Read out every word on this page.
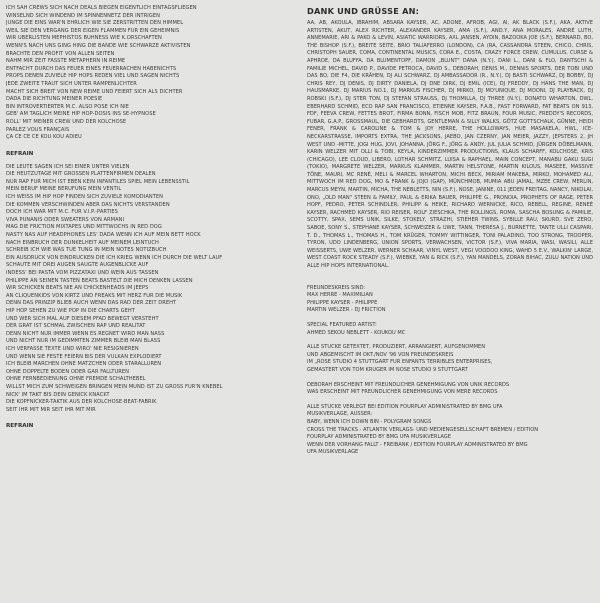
ICH SAH CREWS SICH NACH DEALS BIEGEN EIGENTLICH EINTAGSFLIEGEN
WINSELND SICH WINDEND IM SPINNENNETZ DER INTRIGEN
JUNGE DIE EINS WAR'N EHRLICH WIE SIE ZERSTRITTEN DEN HIMMEL
WEIL SIE DEN VERGANG DER EIGEN FLAMMEN FÜR EIN GEHEIMNIS
WIR ÜBERLISTEN MEPHISTOS BUHNESS WIE K.ORSCHAFTEN
WENN'S NACH UNS GING HING DIE BANDE WIE SCHWARZE AKTIVISTEN
BRACHTE DEN PROFIT VON ALLEN SEITEN
NAHM MIR ZEIT FASSTE METAPHERN IN REIME
ENTFACHT DURCH DAS FEUER EINES FEUERRACHEN HABENICHTS
PROPS DENEN ZUVIELE HIP HOPS REDEN VIEL UND SAGEN NICHTS
JEDE ZWEITE TRAUT SICH UNTER RAMPENLICHTER
MACHT SICH BREIT VON NEW REIME UND FEIERT SICH ALS DICHTER
DADA DIE RICHTUNG MEINER POESIE
BIN INTROVERTIERTER M.C. ALSO POSE ICH NIE
GEB' AM TÄGLICH MEINE HIP HOP-DOSIS INS SE-HYPNOSE
ROLL' MIT MEINER CREW UND DER KOLCHOSE
PARLEZ VOUS FRANÇAIS
ÇA CE CE CE KOU KOU ADIEU
REFRAIN
DIE LEUTE SAGEN ICH SEI EINER UNTER VIELEN
DIE HEUTZUTAGE MIT GROSSEN PLATTENFIRMEN DEALEN
NUR RAP FÜR MICH IST EBEN KEIN INFANTILES SPIEL MEIN LEBENSSTIL
MEIN BERUF MEINE BERUFUNG MEIN VENTIL
ICH WEISS IM HIP HOP FINDEN SICH ZUVIELE KOMODIANTEN
DIE KOMMEN VERSCHWINDEN ABER DAS NICHTS VERSTANDEN
DOCH ICH WAR MIT M.C. FÜR V.I.P.-PARTIES
VIVA PUNANIS ODER SWEATERS VON ARMANI
MAG DIE FRICTION MIXTAPES UND MITTWOCHS IN RED DOG
NASTY NAS AUF HEADPHONES LES' DADA WENN ICH AUF MEIN BETT HOCK
NACH EINBRUCH DER DUNKELHEIT AUF MEINEM LEINTUCH
SCHREIB ICH WIE WAS TUE TUNG IN MEIN NOTES NOTIZBUCH
EIN AUSDRUCK VON EINDRÜCKEN DIE ICH KRIEG WENN ICH DURCH DIE WELT LAUF
SCHAUTE MIT DREI AUGEN SAUGTE AUGENBLICKE AUF
INDESS' BEI PASTA VOM PIZZATAXI UND WEIN AUS TASSEN
PHILIPPE AN SEINEN TASTEN BEATS BASTELT DIE MICH DENKEN LASSEN
WIR SCHICKEN BEATS NIE AN CHICKENHEADS IM JEEPS
AN CLIQUENKIDS VON KIRTZ UND FREAKS MIT HERZ FÜR DIE MUSIK
DENN DAS PRINZIP BLIEB AUCH WENN DAS RAD DER ZEIT DREHT
HIP HOP SEHEN ZU WIE POP IN DIE CHARTS GEHT
UND WER SICH MAL AUF DIESEM PFAD BEWEGT VERSTEHT
DER GRAT IST SCHMAL ZWISCHEN RAP UND REALITÄT
DENN NICHT NUR IMMER WENN ES REGNET WIRD MAN NASS
UND NICHT NUR IM GEDIMMTEN ZIMMER BLEIB MAN BLASS
ICH VERFASSE TEXTE UND WIRO' NIE RESIGNIEREN
UND WENN SIE FESTE FEIERN BIS DER VULKAN EXPLODIERT
ICH BLEIB MÄRCHEN OHNE MÄTZCHEN ODER STARALLÜREN
OHNE DOPPELTE BÖDEN ODER GAR FALLTÜREN
OHNE FERNBEDIENUNG OHNE FREMDE SCHALTHEBEL
WILLST MICH ZUM SCHWEIGEN BRINGEN MEIN MUND IST ZU GROSS FÜR'N KNEBEL
NICK' IM TAKT BIS DEIN GENICK KNACKT
DIE KOPFNICKER-TAKTIK AUS DER KOLCHOSE-BEAT-FABRIK
SEIT IHR MIT MIR SEIT IHR MIT MIR
REFRAIN
DANK UND GRÜSSE AN:

AA, AB, AKOULA, IBRAHIM, ABSARA KAYSER, AC, ADONE, AFROB, AGI, AI, AK BLACK (S.F.), AKA, AKTIVE ARTISTEN, AKUT, ALEX RICHTER, ALEXANDER KAYSER, AMA (S.F.), AND.Y, ANA MORALES, ANDRÉ LUTH, ANNEMARIE, ARI & PAKO & LEVIN, ASIATIC WARRIORS, AXL JANSEN, AYDIN, BAZOOKA JOE (S.F.), BERNARD, BO, THE BISHOP (S.F.), BREITE SEITE, BRIO TALIAFERRO (LONDON), CA (RA, CASSANDRA STEEN, CHICO, CHRIS, CHRISTOPH SAUER, COMA, CONTINENTAL MUSICS, CORA E., COSTA, CRAZY FORCE CREW, CUMULUS, CURSE & APHROE, DA BLUFFA, DA BLUMENTOPF, DAMON „BLUNT" DANA (N.Y.), DANI L., DANI & FLO, DANTSCHI & FAMILIE MICHEL, DAVID P., DAVIDE PETROCA, DAVID S., DEBORAH, DENIS M., DENNIS SPORTS, DER TOBI UND DAS BO, DIE F4, DIE KRÄHEN, DJ ALI SCHWARZ, DJ AMBASSADOR (R., N.Y.), DJ BASTI SCHWARZ, DJ BOBBY, DJ CHRIS REY, DJ DENIS, DJ DIRTY DANIELA, DJ DNE DIRK, DJ EMIL (ICE), DJ FREDDY, DJ HANS THE MAN, DJ HAUSMARKE, DJ MARIUS NO.1, DJ MARKUS FISCHER, DJ MIRKO, DJ MO'UNIQUE, DJ MOONI, DJ PLAYBACK, DJ ROBSKI (S.F.), DJ STER TON, DJ STEFAN STRAUSS, DJ THOMILLA, DJ THREE (N.Y.), DONATO WHARTON, DWL, EBERHARD SCHMID, ECO RAP SAN FRANCISCO, ETIENNE KAYSER, F.A.B., FAST FORWARD, FAT BEATS ON 913, FDF, FEEVA CREW, FETTES BROT, FIRMA BONN, FISCH MOB, FITZ BRAUN, FOUR MUSIC, FREDDY'S RECORDS, FUBAR, G.A.P., GROSSMAUL, DIE GEBHARDTS, GENTLEMAN & SILLY WALKS, GÖTZ GOTTSCHALK, GÜNNE, HEIDI FENER, FRANK & CAROLINE & TOM & JOY HERRE, THE HOLLOWAYS, HUE MASAKELA, HWL, ICE-NECKARSTRASSE, IMPORTS EXTRA, THE JACKSONS, JAEBO, JAN CZERNY, JAN MEIER, JAZZY, JEPSTERS 2, JH WEST UND -MITTE, JOGI HUG, JOVI, JOHANNA, JÖRG F., JÖRG & ANDY, JUL JULIA SCHMID, JÜRGEN DÖBELMANN, KARIN WELZER MIT OLLI & TOBI, KEYLA, KINDERZIMMER PRODUCTIONS, KLAUS SCHARFF, KOLCHOSE, KRIS (CHICAGO), LEE CLOUD, LIBERO, LOTHAR SCHMITZ, LUISA & RAPHAEL, MAIN CONCEPT, MANABU GAKU SUGI (TOKIO), MARGRETE WELZER, MARKUS KLAMMER, MARTIN HELSTONE, MARTIN KILOUS, MASEEE, MASSIVE TÖNE, MAURI, MC RENÉ, MELI & MARCEL WHARTON, MICHI BECK, MIRIAM MAKEBA, MIRKO, MOHAMED ALI, MITTWOCH IM RED DOG, MO & FRANK & JOJO (GAP), MÜNCHMOB, MUMIA ABU JAMAL, MZEE CREW, MERLIN, MARCUS MEYN, MARTIN, MICHA, THE NEBLETTS, NIN (S.F.), NOSE, JANINE, 011 JEDEN FREITAG, NANCY, NIKOLAI, ONO, „OLD MAN" STEEN & FAMILY, PAUL & ERIKA BAUER, PHILIPPE G., PRONOIA, PROPHETS OF RAGE, PETER HOPF, PEDRO, PETER SCHINDLER, PHILIPP & HEIKE, RICHARD WERNICKE, RICO, REBELL, REGINE, RENEÉ KAYSER, RACHMED KAYSER, RIO REISER, ROLF ZIESCHKA, THE ROLLINGS, ROMA, SASCHA BOSUNG & FAMILIE, SCOTTY, SPAX, SEMS UNIK, SILKE, STOKELY, STRAZHI, STIEHER TWINS, SYBILLE RAU, SKURD, SVE ZERO, SABOE, SONY S., STEPHANE KAYSER, SCHWEIZER & UWE, TANN, THERESA J., BURNETTE, TANTE ULLI CASPARI, T. D., THOMAS L., THOMAS H., TOM KRÜGER, TOMMY WITTINGER, TONI PALADINO, TOO STRONG, TROOPER, TYRON, UDO LINDENBERG, UNION SPORTS, VERWACHSEN, VICTOR (S.F.), VIVA MARIA, WASI, WASILI, ALLE WEISSERTS, UWE WELZER, WERNER SCHAAR, VINYL WEST, VEGI VOODOO KING, WAHD 5 E.V., WALKIN' LARGE, WEST COAST ROCK STEADY (S.F.), WIEBKE, YAN & RICK (S.F.), YAN MANDELS, ZORAN BIHAC, ZULU NATION UND ALLE HIP HOPS INTERNATIONAL.

FREUNDESKREIS SIND:
MAX HERRE - MAXIMILIAN
PHILIPPE KAYSER - PHILIPPE
MARTIN WELZER - DJ FRICTION
SPECIAL FEATURED ARTIST:
AHMED SEKOU NEBLETT - KOUKOU MC
ALLE STÜCKE GETEXTET, PRODUZIERT, ARRANGIERT, AUFGENOMMEN
UND ABGEMISCHT IM OKT./NOV '96 VON FREUNDESKREIS
IM „ROSE STUDIO 4 STUTTGART FÜR ENFANTS TERRIBLES ENTERPRISES,
GEMASTERT VON TOM KRÜGER IM NOSE STUDIO 9 STUTTGART
DEBORAH ERSCHEINT MIT FREUNDLICHER GENEHMIGUNG VON UNIK RECORDS
WAS ERSCHEINT MIT FREUNDLICHER GENEHMIGUNG VON MERE RECORDS
ALLE STÜCKE VERLEGT BEI EDITION FOURPLAY ADMINISTRATED BY BMG UFA
MUSIKVERLAGE, AUSSER:
BABY, WENN ICH DOWN BIN - POLYGRAM SONGS
CROSS THE TRACKS - ATLANTIK VERLAGS- UND MEDIENGESELLSCHAFT BREMEN / EDITION
FOURPLAY ADMINISTRATED BY BMG UFA MUSIKVERLAGE
WENN DER VORHANG FÄLLT - FREIBANK / EDITION FOURPLAY ADMINISTRATED BY BMG
UFA MUSIKVERLAGE
